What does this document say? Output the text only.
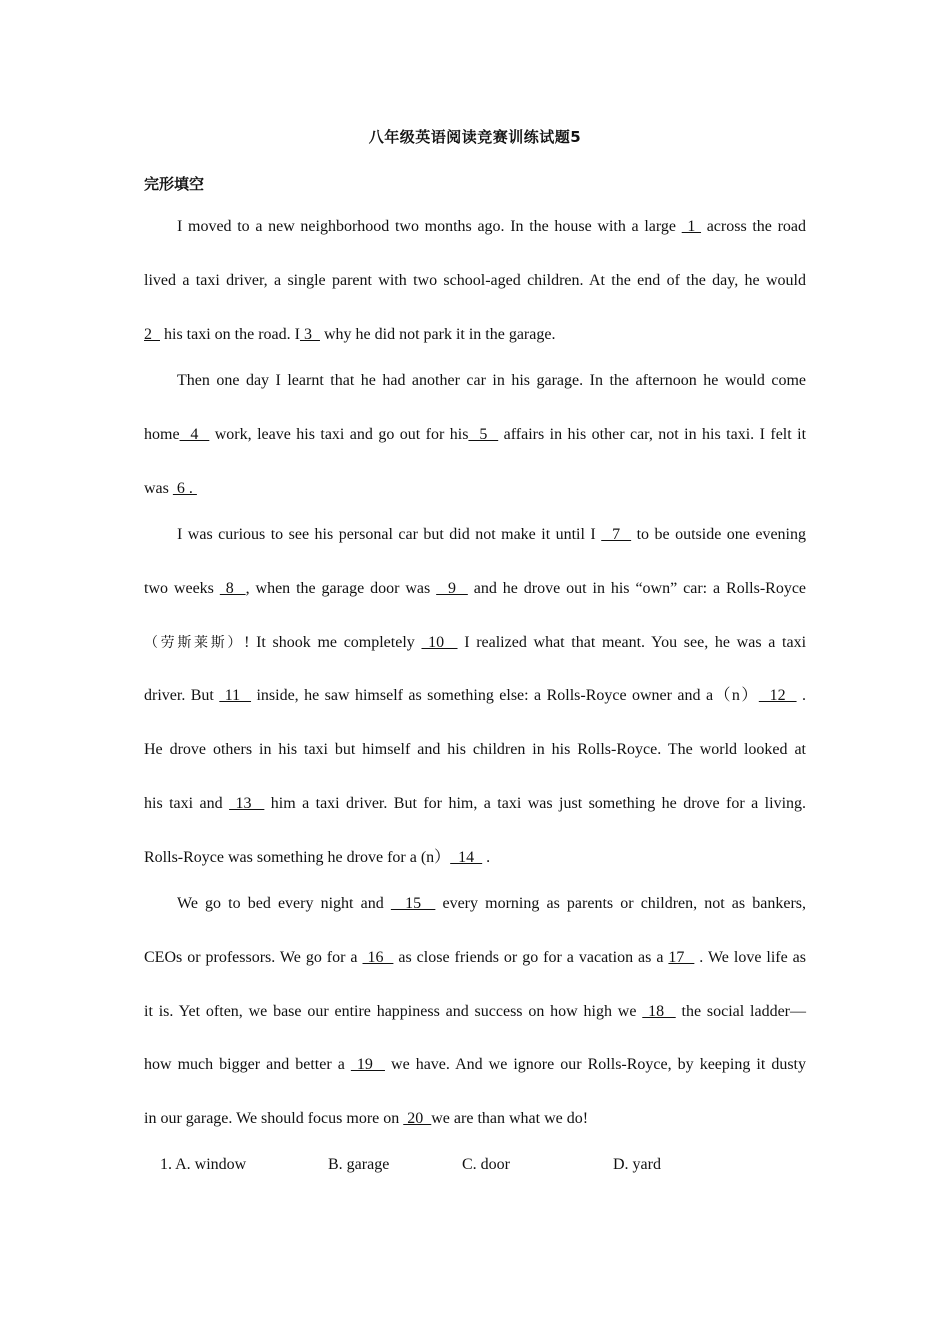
八年级英语阅读竞赛训练试题5
完形填空
I moved to a new neighborhood two months ago. In the house with a large  1  across the road
lived a taxi driver, a single parent with two school-aged children. At the end of the day, he would
2   his taxi on the road. I 3   why he did not park it in the garage.
Then one day I learnt that he had another car in his garage. In the afternoon he would come
home  4   work, leave his taxi and go out for his  5   affairs in his other car, not in his taxi. I felt it
was  6 .
I was curious to see his personal car but did not make it until I   7   to be outside one evening
two weeks  8  , when the garage door was   9   and he drove out in his “own” car: a Rolls-Royce
（劳斯莱斯）! It shook me completely  10   I realized what that meant. You see, he was a taxi
driver. But  11   inside, he saw himself as something else: a Rolls-Royce owner and a（n）  12   .
He drove others in his taxi but himself and his children in his Rolls-Royce. The world looked at
his taxi and  13   him a taxi driver. But for him, a taxi was just something he drove for a living.
Rolls-Royce was something he drove for a (n）  14   .
We go to bed every night and   15   every morning as parents or children, not as bankers,
CEOs or professors. We go for a  16   as close friends or go for a vacation as a 17   . We love life as
it is. Yet often, we base our entire happiness and success on how high we  18   the social ladder—
how much bigger and better a  19   we have. And we ignore our Rolls-Royce, by keeping it dusty
in our garage. We should focus more on  20  we are than what we do!
1. A. window	B. garage	C. door	D. yard
